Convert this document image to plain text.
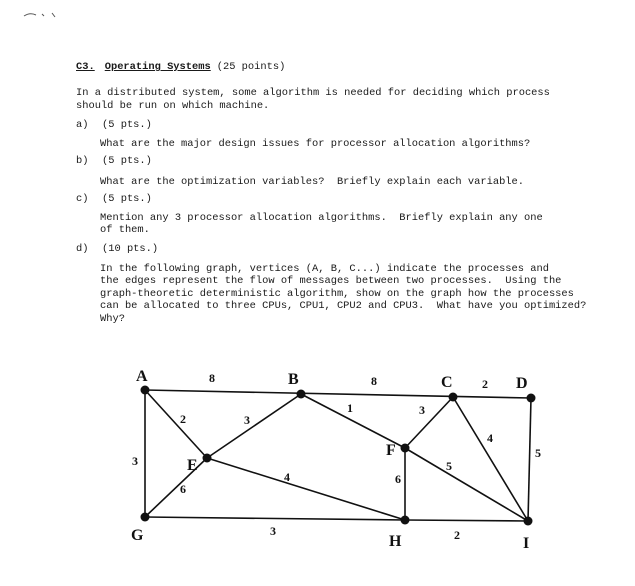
C3. Operating Systems (25 points)
In a distributed system, some algorithm is needed for deciding which process
should be run on which machine.
a) (5 pts.)
What are the major design issues for processor allocation algorithms?
b) (5 pts.)
What are the optimization variables?  Briefly explain each variable.
c) (5 pts.)
Mention any 3 processor allocation algorithms.  Briefly explain any one
of them.
d) (10 pts.)
In the following graph, vertices (A, B, C...) indicate the processes and
the edges represent the flow of messages between two processes.  Using the
graph-theoretic deterministic algorithm, show on the graph how the processes
can be allocated to three CPUs, CPU1, CPU2 and CPU3.  What have you optimized?
Why?
A	B	C	D
E
F
G	H	I
8	8	2
2
3
3
1	3
4
5
6
4	6
5
3	2
